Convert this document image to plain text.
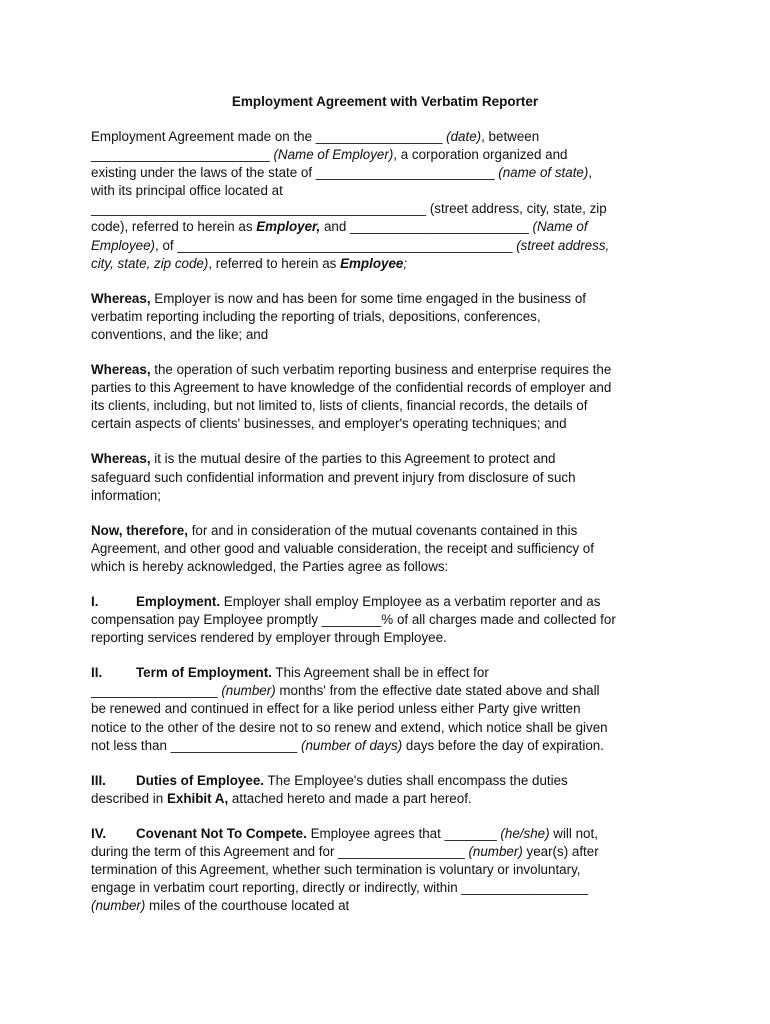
Employment Agreement with Verbatim Reporter
Employment Agreement made on the _________________ (date), between
________________________ (Name of Employer), a corporation organized and
existing under the laws of the state of ________________________ (name of state),
with its principal office located at
_____________________________________________ (street address, city, state, zip
code), referred to herein as Employer, and ________________________ (Name of
Employee), of _____________________________________________ (street address,
city, state, zip code), referred to herein as Employee;
Whereas, Employer is now and has been for some time engaged in the business of
verbatim reporting including the reporting of trials, depositions, conferences,
conventions, and the like; and
Whereas, the operation of such verbatim reporting business and enterprise requires the
parties to this Agreement to have knowledge of the confidential records of employer and
its clients, including, but not limited to, lists of clients, financial records, the details of
certain aspects of clients' businesses, and employer's operating techniques; and
Whereas, it is the mutual desire of the parties to this Agreement to protect and
safeguard such confidential information and prevent injury from disclosure of such
information;
Now, therefore, for and in consideration of the mutual covenants contained in this
Agreement, and other good and valuable consideration, the receipt and sufficiency of
which is hereby acknowledged, the Parties agree as follows:
I.	Employment. Employer shall employ Employee as a verbatim reporter and as
compensation pay Employee promptly ________% of all charges made and collected for
reporting services rendered by employer through Employee.
II.	Term of Employment. This Agreement shall be in effect for
_________________ (number) months' from the effective date stated above and shall
be renewed and continued in effect for a like period unless either Party give written
notice to the other of the desire not to so renew and extend, which notice shall be given
not less than _________________ (number of days) days before the day of expiration.
III. Duties of Employee. The Employee's duties shall encompass the duties
described in Exhibit A, attached hereto and made a part hereof.
IV. Covenant Not To Compete. Employee agrees that _______ (he/she) will not,
during the term of this Agreement and for _________________ (number) year(s) after
termination of this Agreement, whether such termination is voluntary or involuntary,
engage in verbatim court reporting, directly or indirectly, within _________________
(number) miles of the courthouse located at
